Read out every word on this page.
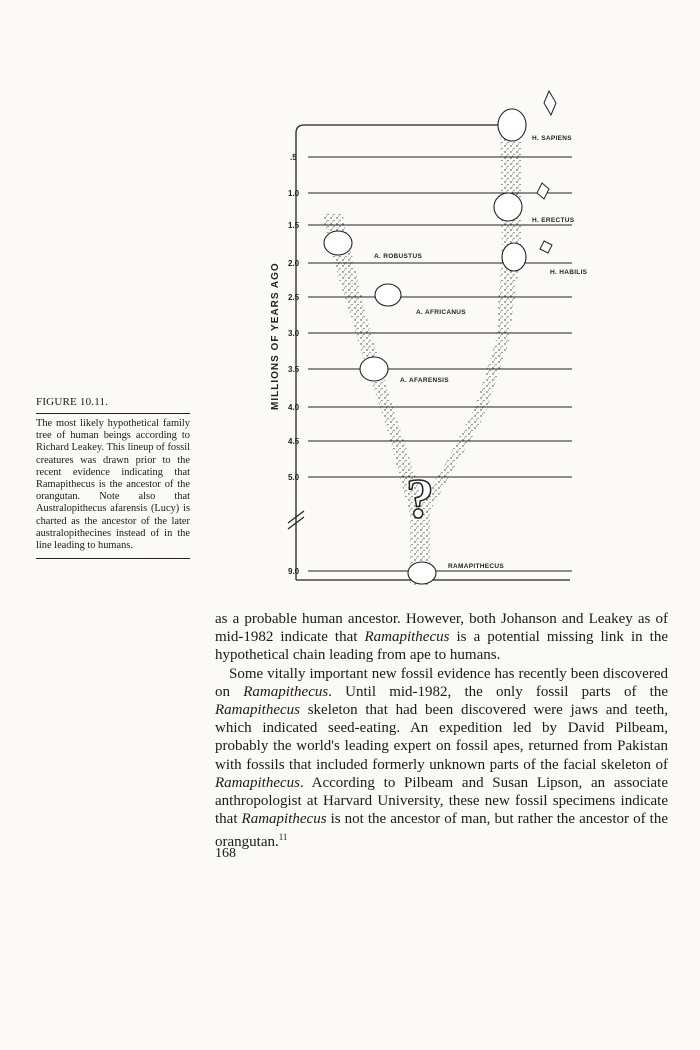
FIGURE 10.11.
The most likely hypothetical family tree of human beings according to Richard Leakey. This lineup of fossil creatures was drawn prior to the recent evidence indicating that Ramapithecus is the ancestor of the orangutan. Note also that Australopithecus afarensis (Lucy) is charted as the ancestor of the later australopithecines instead of in the line leading to humans.
?
.5
1.0
1.5
2.0
2.5
3.0
3.5
4.0
4.5
5.0
9.0
MILLIONS OF YEARS AGO
H. SAPIENS
H. ERECTUS
H. HABILIS
A. ROBUSTUS
A. AFRICANUS
A. AFARENSIS
RAMAPITHECUS

as a probable human ancestor. However, both Johanson and Leakey as of mid-1982 indicate that Ramapithecus is a potential missing link in the hypothetical chain leading from ape to humans.

Some vitally important new fossil evidence has recently been discovered on Ramapithecus. Until mid-1982, the only fossil parts of the Ramapithecus skeleton that had been discovered were jaws and teeth, which indicated seed-eating. An expedition led by David Pilbeam, probably the world's leading expert on fossil apes, returned from Pakistan with fossils that included formerly unknown parts of the facial skeleton of Ramapithecus. According to Pilbeam and Susan Lipson, an associate anthropologist at Harvard University, these new fossil specimens indicate that Ramapithecus is not the ancestor of man, but rather the ancestor of the orangutan.$^{11}$

168
